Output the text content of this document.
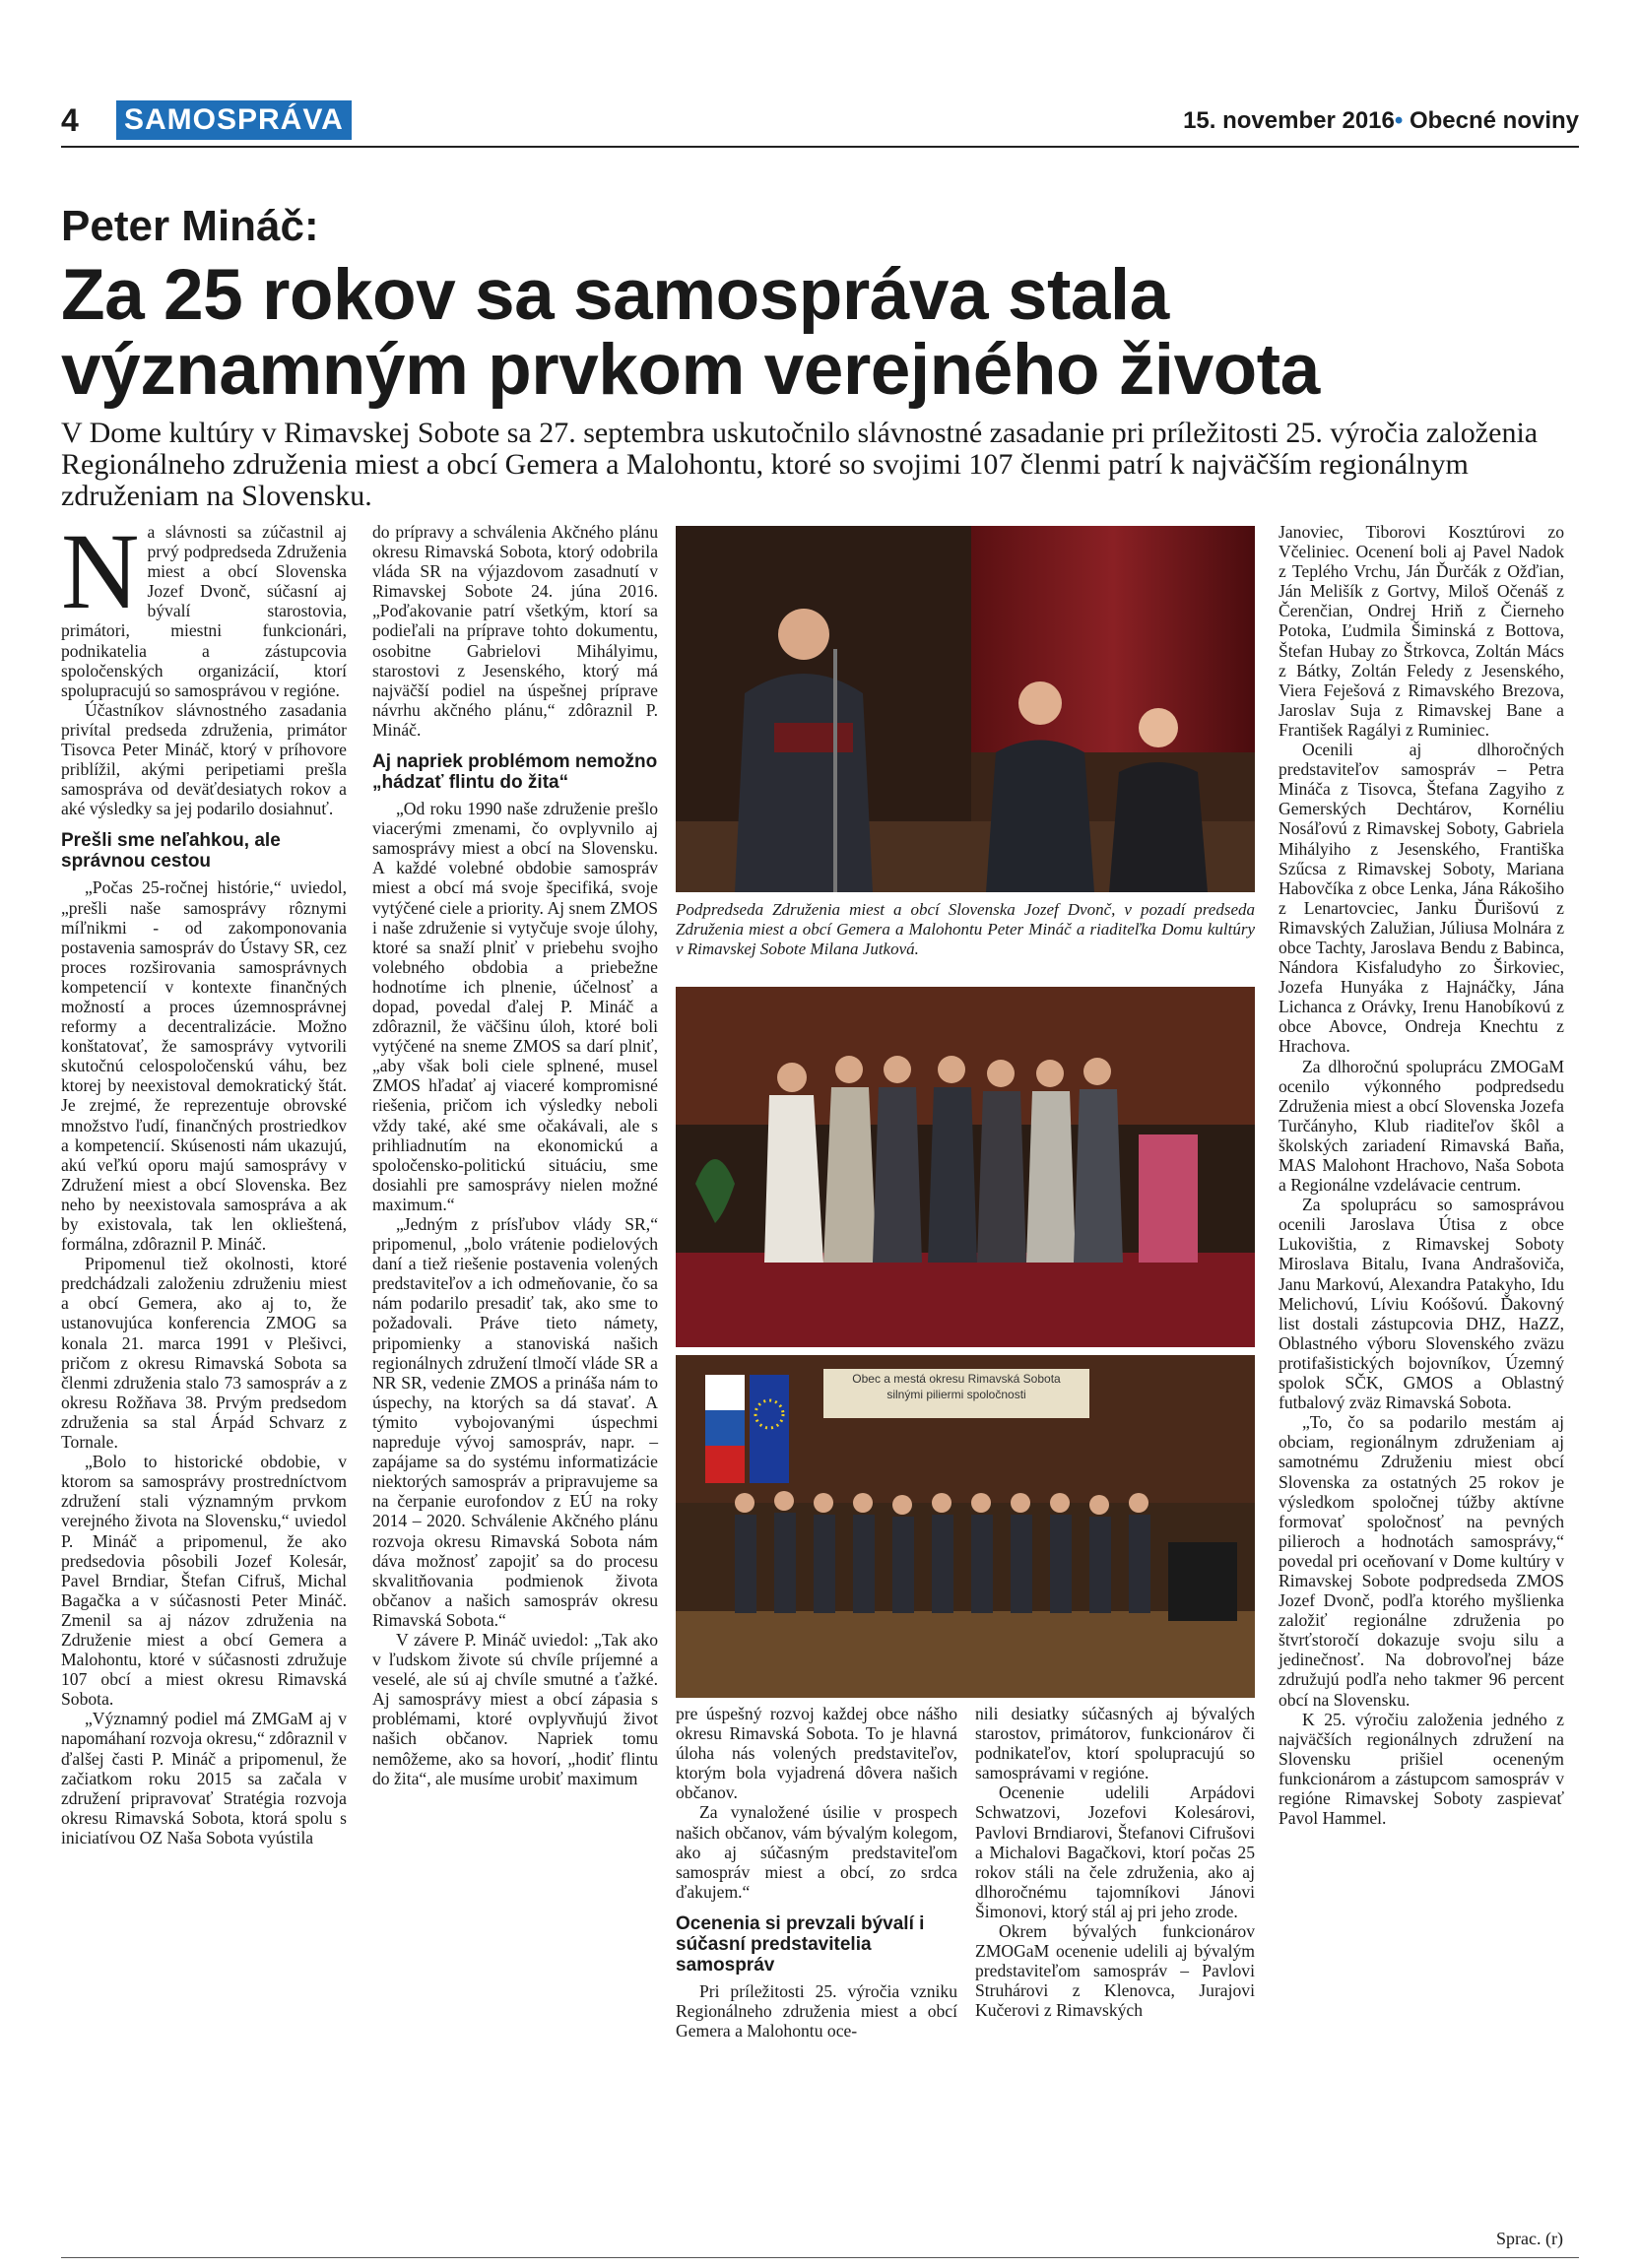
4 SAMOSPRÁVA	15. november 2016• Obecné noviny
Peter Mináč:
Za 25 rokov sa samospráva stala
významným prvkom verejného života
V Dome kultúry v Rimavskej Sobote sa 27. septembra uskutočnilo slávnostné zasadanie pri príležitosti 25. výročia založenia Regionálneho združenia miest a obcí Gemera a Malohontu, ktoré so svojimi 107 členmi patrí k najväčším regionálnym združeniam na Slovensku.

Na slávnosti sa zúčastnil aj prvý podpredseda Združenia miest a obcí Slovenska Jozef Dvonč, súčasní aj bývalí starostovia, primátori, miestni funkcionári, podnikatelia a zástupcovia spoločenských organizácií, ktorí spolupracujú so samosprávou v regióne.

Účastníkov slávnostného zasadania privítal predseda združenia, primátor Tisovca Peter Mináč, ktorý v príhovore priblížil, akými peripetiami prešla samospráva od deväťdesiatych rokov a aké výsledky sa jej podarilo dosiahnuť.

Prešli sme neľahkou, ale správnou cestou

„Počas 25-ročnej histórie,“ uviedol, „prešli naše samosprávy rôznymi míľnikmi - od zakomponovania postavenia samospráv do Ústavy SR, cez proces rozširovania samosprávnych kompetencií v kontexte finančných možností a proces územnosprávnej reformy a decentralizácie. Možno konštatovať, že samosprávy vytvorili skutočnú celospoločenskú váhu, bez ktorej by neexistoval demokratický štát. Je zrejmé, že reprezentuje obrovské množstvo ľudí, finančných prostriedkov a kompetencií. Skúsenosti nám ukazujú, akú veľkú oporu majú samosprávy v Združení miest a obcí Slovenska. Bez neho by neexistovala samospráva a ak by existovala, tak len oklieštená, formálna, zdôraznil P. Mináč.

Pripomenul tiež okolnosti, ktoré predchádzali založeniu združeniu miest a obcí Gemera, ako aj to, že ustanovujúca konferencia ZMOG sa konala 21. marca 1991 v Plešivci, pričom z okresu Rimavská Sobota sa členmi združenia stalo 73 samospráv a z okresu Rožňava 38. Prvým predsedom združenia sa stal Árpád Schvarz z Tornale.

„Bolo to historické obdobie, v ktorom sa samosprávy prostredníctvom združení stali významným prvkom verejného života na Slovensku,“ uviedol P. Mináč a pripomenul, že ako predsedovia pôsobili Jozef Kolesár, Pavel Brndiar, Štefan Cifruš, Michal Bagačka a v súčasnosti Peter Mináč. Zmenil sa aj názov združenia na Združenie miest a obcí Gemera a Malohontu, ktoré v súčasnosti združuje 107 obcí a miest okresu Rimavská Sobota.

„Významný podiel má ZMGaM aj v napomáhaní rozvoja okresu,“ zdôraznil v ďalšej časti P. Mináč a pripomenul, že začiatkom roku 2015 sa začala v združení pripravovať Stratégia rozvoja okresu Rimavská Sobota, ktorá spolu s iniciatívou OZ Naša Sobota vyústila

do prípravy a schválenia Akčného plánu okresu Rimavská Sobota, ktorý odobrila vláda SR na výjazdovom zasadnutí v Rimavskej Sobote 24. júna 2016. „Poďakovanie patrí všetkým, ktorí sa podieľali na príprave tohto dokumentu, osobitne Gabrielovi Mihályimu, starostovi z Jesenského, ktorý má najväčší podiel na úspešnej príprave návrhu akčného plánu,“ zdôraznil P. Mináč.

Aj napriek problémom nemožno „hádzať flintu do žita“

„Od roku 1990 naše združenie prešlo viacerými zmenami, čo ovplyvnilo aj samosprávy miest a obcí na Slovensku. A každé volebné obdobie samospráv miest a obcí má svoje špecifiká, svoje vytýčené ciele a priority. Aj snem ZMOS i naše združenie si vytyčuje svoje úlohy, ktoré sa snaží plniť v priebehu svojho volebného obdobia a priebežne hodnotíme ich plnenie, účelnosť a dopad, povedal ďalej P. Mináč a zdôraznil, že väčšinu úloh, ktoré boli vytýčené na sneme ZMOS sa darí plniť, „aby však boli ciele splnené, musel ZMOS hľadať aj viaceré kompromisné riešenia, pričom ich výsledky neboli vždy také, aké sme očakávali, ale s prihliadnutím na ekonomickú a spoločensko-politickú situáciu, sme dosiahli pre samosprávy nielen možné maximum.“

„Jedným z prísľubov vlády SR,“ pripomenul, „bolo vrátenie podielových daní a tiež riešenie postavenia volených predstaviteľov a ich odmeňovanie, čo sa nám podarilo presadiť tak, ako sme to požadovali. Práve tieto námety, pripomienky a stanoviská našich regionálnych združení tlmočí vláde SR a NR SR, vedenie ZMOS a prináša nám to úspechy, na ktorých sa dá stavať. A týmito vybojovanými úspechmi napreduje vývoj samospráv, napr. – zapájame sa do systému informatizácie niektorých samospráv a pripravujeme sa na čerpanie eurofondov z EÚ na roky 2014 – 2020. Schválenie Akčného plánu rozvoja okresu Rimavská Sobota nám dáva možnosť zapojiť sa do procesu skvalitňovania podmienok života občanov a našich samospráv okresu Rimavská Sobota.“

V závere P. Mináč uviedol: „Tak ako v ľudskom živote sú chvíle príjemné a veselé, ale sú aj chvíle smutné a ťažké. Aj samosprávy miest a obcí zápasia s problémami, ktoré ovplyvňujú život našich občanov. Napriek tomu nemôžeme, ako sa hovorí, „hodiť flintu do žita“, ale musíme urobiť maximum

Podpredseda Združenia miest a obcí Slovenska Jozef Dvonč, v pozadí predseda Združenia miest a obcí Gemera a Malohontu Peter Mináč a riaditeľka Domu kultúry v Rimavskej Sobote Milana Jutková.
Obec a mestá okresu Rimavská Sobota
silnými piliermi spoločnosti

pre úspešný rozvoj každej obce nášho okresu Rimavská Sobota. To je hlavná úloha nás volených predstaviteľov, ktorým bola vyjadrená dôvera našich občanov.

Za vynaložené úsilie v prospech našich občanov, vám bývalým kolegom, ako aj súčasným predstaviteľom samospráv miest a obcí, zo srdca ďakujem.“

Ocenenia si prevzali bývalí i súčasní predstavitelia samospráv

Pri príležitosti 25. výročia vzniku Regionálneho združenia miest a obcí Gemera a Malohontu oce-

nili desiatky súčasných aj bývalých starostov, primátorov, funkcionárov či podnikateľov, ktorí spolupracujú so samosprávami v regióne.

Ocenenie udelili Arpádovi Schwatzovi, Jozefovi Kolesárovi, Pavlovi Brndiarovi, Štefanovi Cifrušovi a Michalovi Bagačkovi, ktorí počas 25 rokov stáli na čele združenia, ako aj dlhoročnému tajomníkovi Jánovi Šimonovi, ktorý stál aj pri jeho zrode.

Okrem bývalých funkcionárov ZMOGaM ocenenie udelili aj bývalým predstaviteľom samospráv – Pavlovi Struhárovi z Klenovca, Jurajovi Kučerovi z Rimavských

Janoviec, Tiborovi Kosztúrovi zo Včeliniec. Ocenení boli aj Pavel Nadok z Teplého Vrchu, Ján Ďurčák z Ožďian, Ján Melišík z Gortvy, Miloš Očenáš z Čerenčian, Ondrej Hriň z Čierneho Potoka, Ľudmila Šiminská z Bottova, Štefan Hubay zo Štrkovca, Zoltán Mács z Bátky, Zoltán Feledy z Jesenského, Viera Feješová z Rimavského Brezova, Jaroslav Suja z Rimavskej Bane a František Ragályi z Ruminiec.

Ocenili aj dlhoročných predstaviteľov samospráv – Petra Mináča z Tisovca, Štefana Zagyiho z Gemerských Dechtárov, Kornéliu Nosáľovú z Rimavskej Soboty, Gabriela Mihályiho z Jesenského, Františka Szűcsa z Rimavskej Soboty, Mariana Habovčíka z obce Lenka, Jána Rákošiho z Lenartovciec, Janku Ďurišovú z Rimavských Zalužian, Júliusa Molnára z obce Tachty, Jaroslava Bendu z Babinca, Nándora Kisfaludyho zo Širkoviec, Jozefa Hunyáka z Hajnáčky, Jána Lichanca z Orávky, Irenu Hanobíkovú z obce Abovce, Ondreja Knechtu z Hrachova.

Za dlhoročnú spoluprácu ZMOGaM ocenilo výkonného podpredsedu Združenia miest a obcí Slovenska Jozefa Turčányho, Klub riaditeľov škôl a školských zariadení Rimavská Baňa, MAS Malohont Hrachovo, Naša Sobota a Regionálne vzdelávacie centrum.

Za spoluprácu so samosprávou ocenili Jaroslava Útisa z obce Lukovištia, z Rimavskej Soboty Miroslava Bitalu, Ivana Andrašoviča, Janu Markovú, Alexandra Patakyho, Idu Melichovú, Líviu Koóšovú. Ďakovný list dostali zástupcovia DHZ, HaZZ, Oblastného výboru Slovenského zväzu protifašistických bojovníkov, Územný spolok SČK, GMOS a Oblastný futbalový zväz Rimavská Sobota.

„To, čo sa podarilo mestám aj obciam, regionálnym združeniam aj samotnému Združeniu miest obcí Slovenska za ostatných 25 rokov je výsledkom spoločnej túžby aktívne formovať spoločnosť na pevných pilieroch a hodnotách samosprávy,“ povedal pri oceňovaní v Dome kultúry v Rimavskej Sobote podpredseda ZMOS Jozef Dvonč, podľa ktorého myšlienka založiť regionálne združenia po štvrťstoročí dokazuje svoju silu a jedinečnosť. Na dobrovoľnej báze združujú podľa neho takmer 96 percent obcí na Slovensku.

K 25. výročiu založenia jedného z najväčších regionálnych združení na Slovensku prišiel oceneným funkcionárom a zástupcom samospráv v regióne Rimavskej Soboty zaspievať Pavol Hammel.

Sprac. (r)
